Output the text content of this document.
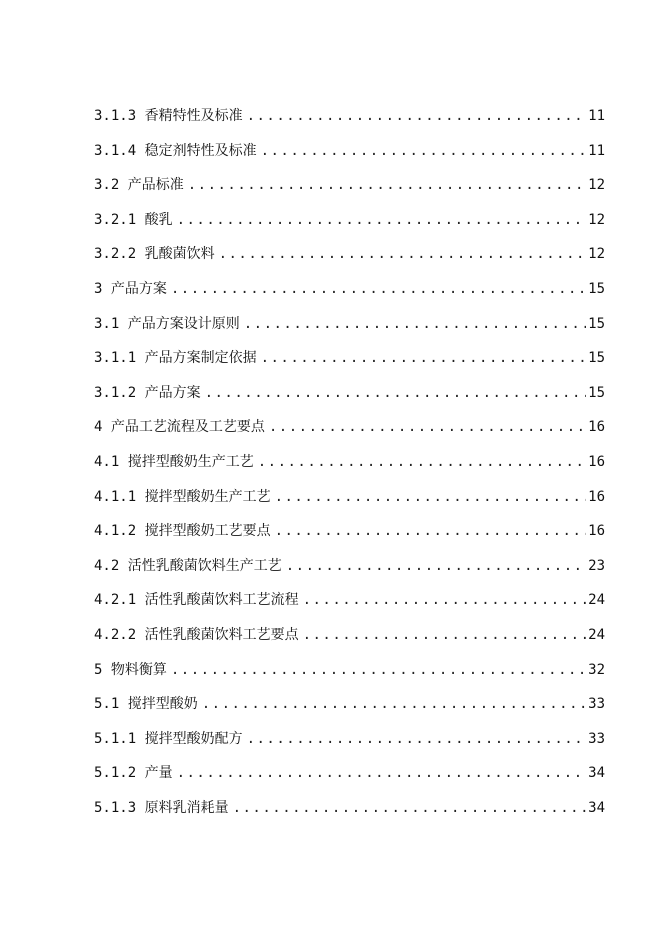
3.1.3 香精特性及标准 .....	11
3.1.4 稳定剂特性及标准 .....	11
3.2 产品标准 .....	12
3.2.1 酸乳 .....	12
3.2.2 乳酸菌饮料 .....	12
3 产品方案 .....	15
3.1 产品方案设计原则 .....	15
3.1.1 产品方案制定依据 .....	15
3.1.2 产品方案 .....	15
4 产品工艺流程及工艺要点 .....	16
4.1 搅拌型酸奶生产工艺 .....	16
4.1.1 搅拌型酸奶生产工艺 .....	16
4.1.2 搅拌型酸奶工艺要点 .....	16
4.2 活性乳酸菌饮料生产工艺 .....	23
4.2.1 活性乳酸菌饮料工艺流程 .....	24
4.2.2 活性乳酸菌饮料工艺要点 .....	24
5 物料衡算 .....	32
5.1 搅拌型酸奶 .....	33
5.1.1 搅拌型酸奶配方 .....	33
5.1.2 产量 .....	34
5.1.3 原料乳消耗量 .....	34
